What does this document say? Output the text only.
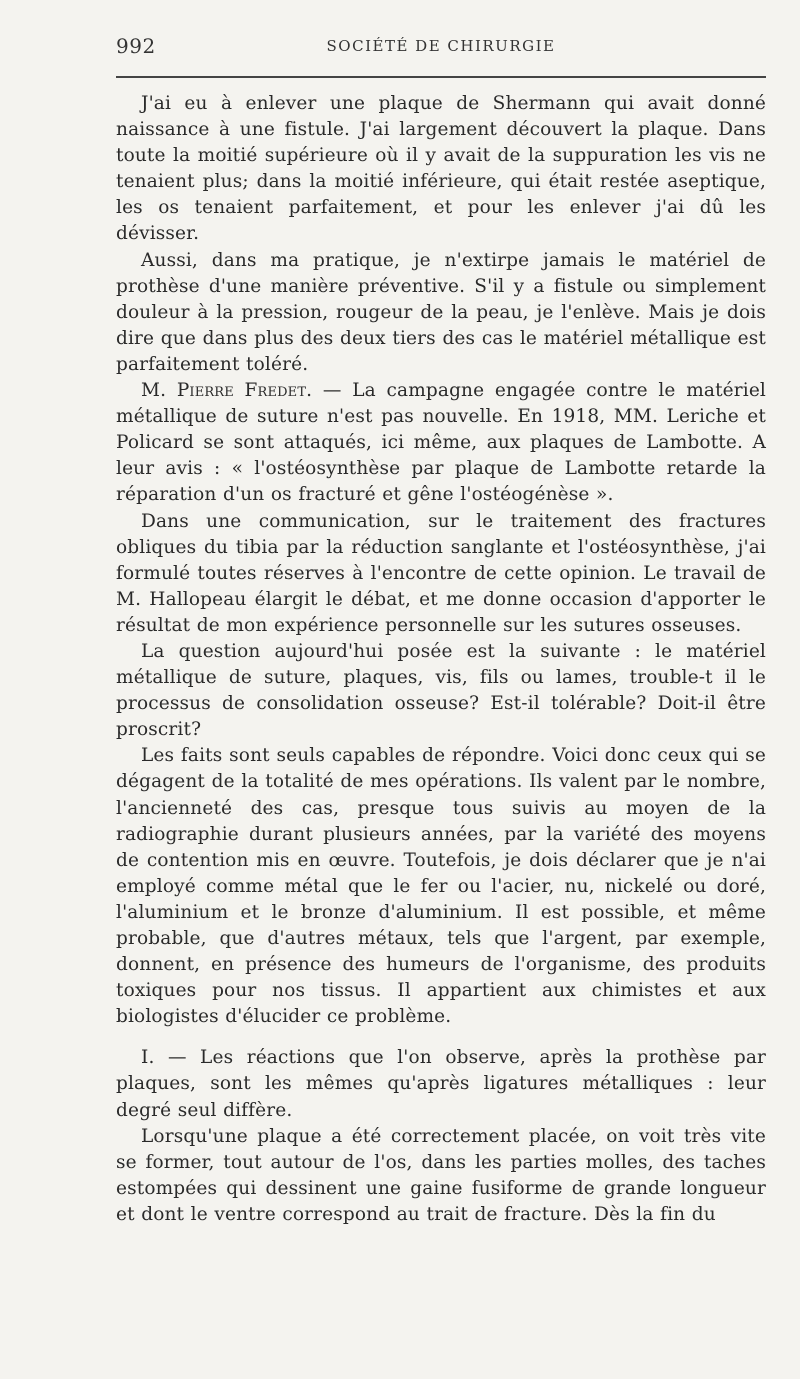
992	SOCIÉTÉ DE CHIRURGIE

J'ai eu à enlever une plaque de Shermann qui avait donné naissance à une fistule. J'ai largement découvert la plaque. Dans toute la moitié supérieure où il y avait de la suppuration les vis ne tenaient plus; dans la moitié inférieure, qui était restée aseptique, les os tenaient parfaitement, et pour les enlever j'ai dû les dévisser.

Aussi, dans ma pratique, je n'extirpe jamais le matériel de prothèse d'une manière préventive. S'il y a fistule ou simplement douleur à la pression, rougeur de la peau, je l'enlève. Mais je dois dire que dans plus des deux tiers des cas le matériel métallique est parfaitement toléré.

M. Pierre Fredet. — La campagne engagée contre le matériel métallique de suture n'est pas nouvelle. En 1918, MM. Leriche et Policard se sont attaqués, ici même, aux plaques de Lambotte. A leur avis : « l'ostéosynthèse par plaque de Lambotte retarde la réparation d'un os fracturé et gêne l'ostéogénèse ».

Dans une communication, sur le traitement des fractures obliques du tibia par la réduction sanglante et l'ostéosynthèse, j'ai formulé toutes réserves à l'encontre de cette opinion. Le travail de M. Hallopeau élargit le débat, et me donne occasion d'apporter le résultat de mon expérience personnelle sur les sutures osseuses.

La question aujourd'hui posée est la suivante : le matériel métallique de suture, plaques, vis, fils ou lames, trouble-t il le processus de consolidation osseuse? Est-il tolérable? Doit-il être proscrit?

Les faits sont seuls capables de répondre. Voici donc ceux qui se dégagent de la totalité de mes opérations. Ils valent par le nombre, l'ancienneté des cas, presque tous suivis au moyen de la radiographie durant plusieurs années, par la variété des moyens de contention mis en œuvre. Toutefois, je dois déclarer que je n'ai employé comme métal que le fer ou l'acier, nu, nickelé ou doré, l'aluminium et le bronze d'aluminium. Il est possible, et même probable, que d'autres métaux, tels que l'argent, par exemple, donnent, en présence des humeurs de l'organisme, des produits toxiques pour nos tissus. Il appartient aux chimistes et aux biologistes d'élucider ce problème.

I. — Les réactions que l'on observe, après la prothèse par plaques, sont les mêmes qu'après ligatures métalliques : leur degré seul diffère.

Lorsqu'une plaque a été correctement placée, on voit très vite se former, tout autour de l'os, dans les parties molles, des taches estompées qui dessinent une gaine fusiforme de grande longueur et dont le ventre correspond au trait de fracture. Dès la fin du
